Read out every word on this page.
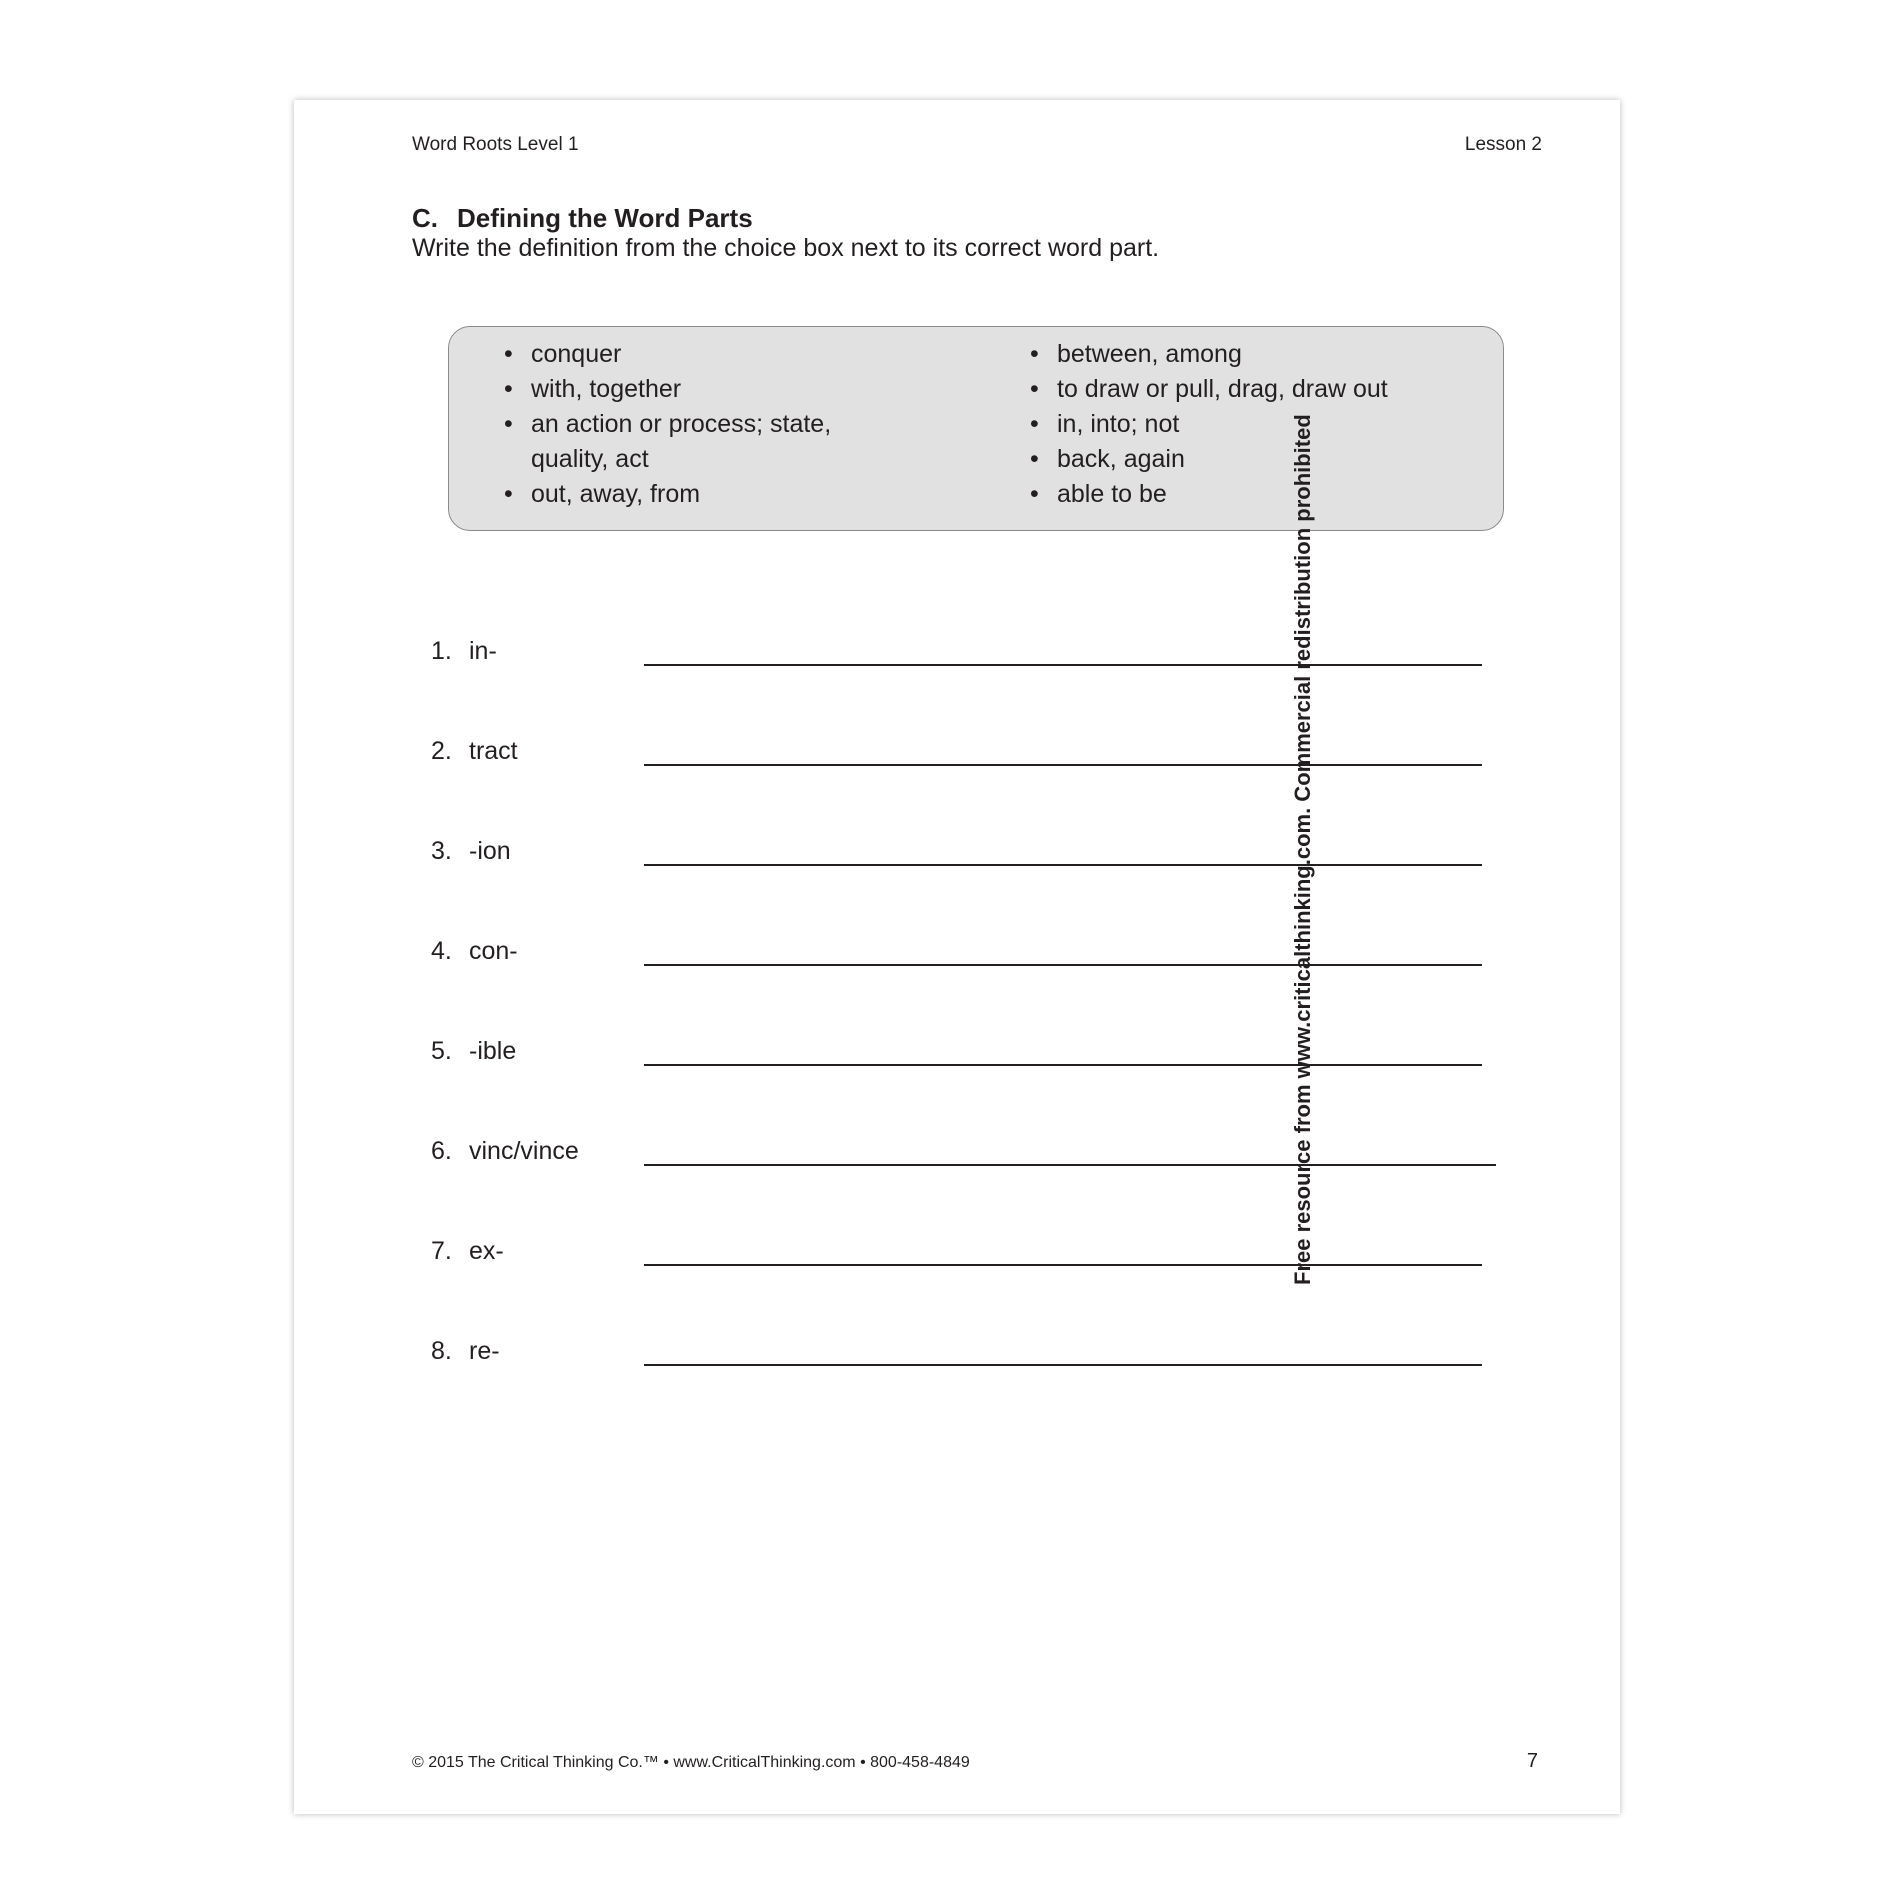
Word Roots Level 1	Lesson 2
C. Defining the Word Parts
Write the definition from the choice box next to its correct word part.
• conquer
• with, together
• an action or process; state, quality, act
• out, away, from
• between, among
• to draw or pull, drag, draw out
• in, into; not
• back, again
• able to be
1. in-
2. tract
3. -ion
4. con-
5. -ible
6. vinc/vince
7. ex-
8. re-
© 2015 The Critical Thinking Co.™ • www.CriticalThinking.com • 800-458-4849	7
Free resource from www.criticalthinking.com. Commercial redistribution prohibited
